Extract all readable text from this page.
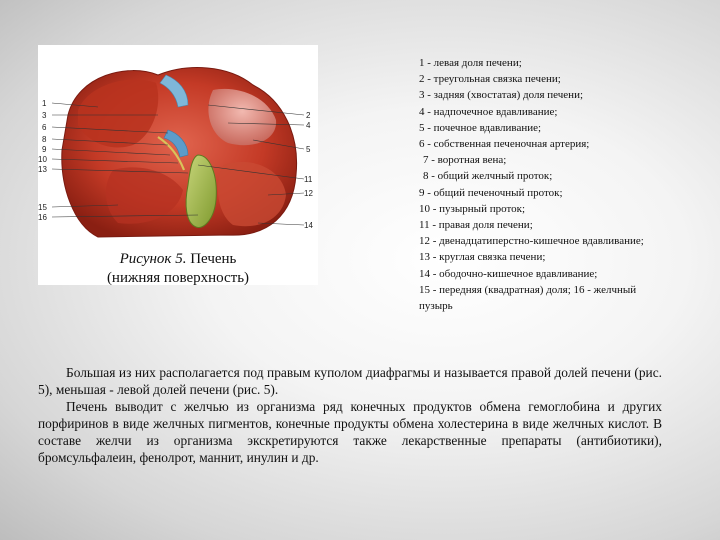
1
3
6
8
9
10
13
15
16
2
4
5
11
12
14
Рисунок 5. Печень
(нижняя поверхность)
1 - левая доля печени;
2 - треугольная связка печени;
3 - задняя (хвостатая) доля печени;
4 - надпочечное вдавливание;
5 - почечное вдавливание;
6 - собственная печеночная артерия;
7 - воротная вена;
8 - общий желчный проток;
9 - общий печеночный проток;
10 - пузырный проток;
11 - правая доля печени;
12 - двенадцатиперстно-кишечное вдавливание;
13 - круглая связка печени;
14 - ободочно-кишечное вдавливание;
15 - передняя (квадратная) доля; 16 - желчный пузырь

Большая из них располагается под правым куполом диафрагмы и называется правой долей печени (рис. 5), меньшая - левой долей печени (рис. 5).

Печень выводит с желчью из организма ряд конечных продуктов обмена гемоглобина и других порфиринов в виде желчных пигментов, конечные продукты обмена холестерина в виде желчных кислот. В составе желчи из организма экскретируются также лекарственные препараты (антибиотики), бромсульфалеин, фенолрот, маннит, инулин и др.
